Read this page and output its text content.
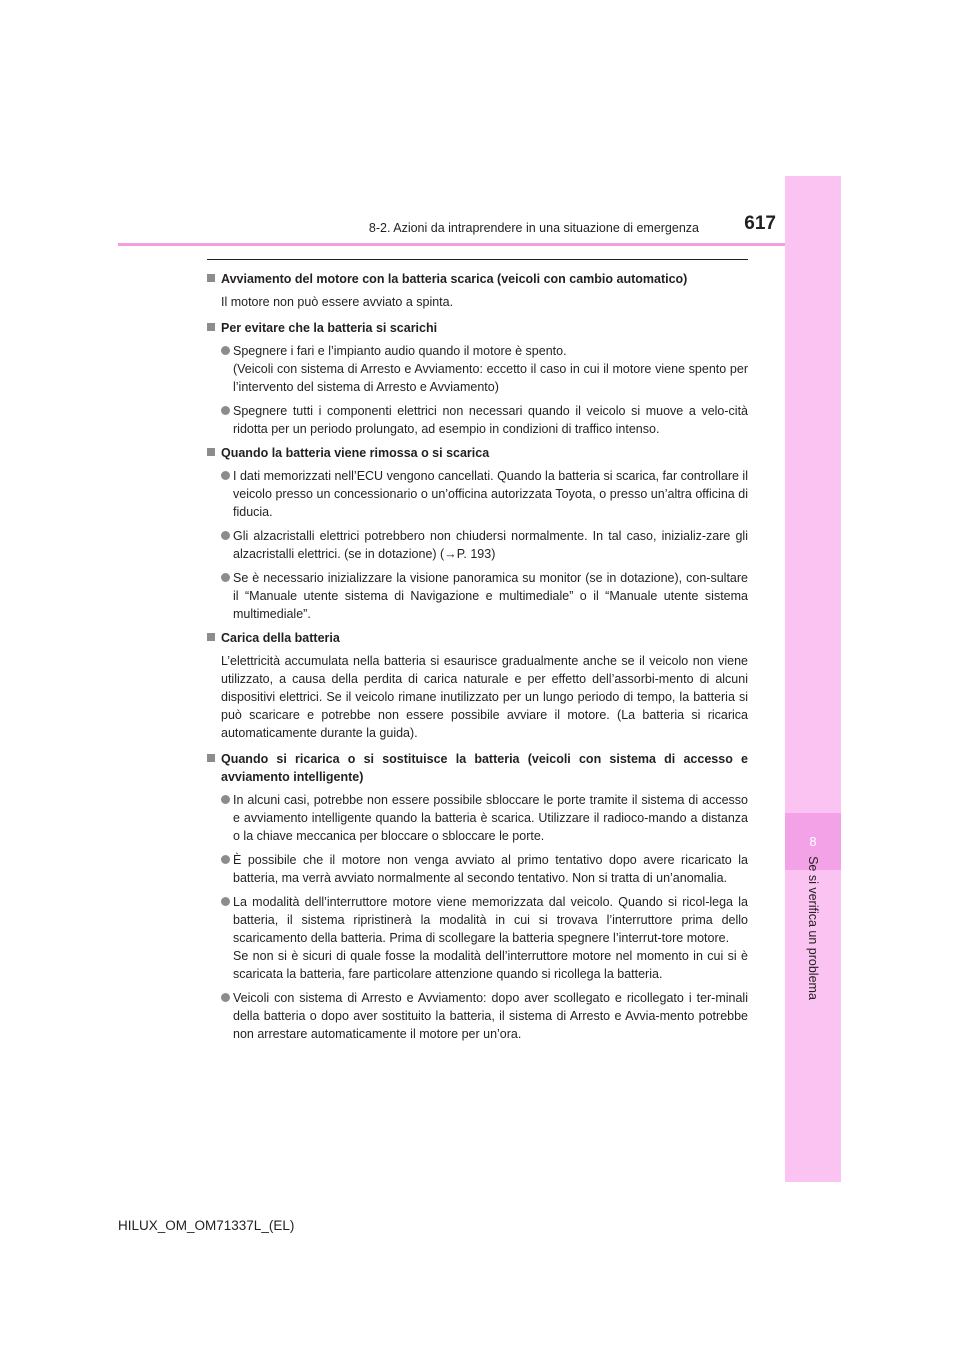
8
Se si verifica un problema
8-2. Azioni da intraprendere in una situazione di emergenza 617
Avviamento del motore con la batteria scarica (veicoli con cambio automatico)
Il motore non può essere avviato a spinta.
Per evitare che la batteria si scarichi
Spegnere i fari e l’impianto audio quando il motore è spento.
(Veicoli con sistema di Arresto e Avviamento: eccetto il caso in cui il motore viene spento per l’intervento del sistema di Arresto e Avviamento)
Spegnere tutti i componenti elettrici non necessari quando il veicolo si muove a velo-cità ridotta per un periodo prolungato, ad esempio in condizioni di traffico intenso.
Quando la batteria viene rimossa o si scarica
I dati memorizzati nell’ECU vengono cancellati. Quando la batteria si scarica, far controllare il veicolo presso un concessionario o un’officina autorizzata Toyota, o presso un’altra officina di fiducia.
Gli alzacristalli elettrici potrebbero non chiudersi normalmente. In tal caso, inizializ-zare gli alzacristalli elettrici. (se in dotazione) (→P. 193)
Se è necessario inizializzare la visione panoramica su monitor (se in dotazione), con-sultare il “Manuale utente sistema di Navigazione e multimediale” o il “Manuale utente sistema multimediale”.
Carica della batteria
L’elettricità accumulata nella batteria si esaurisce gradualmente anche se il veicolo non viene utilizzato, a causa della perdita di carica naturale e per effetto dell’assorbi-mento di alcuni dispositivi elettrici. Se il veicolo rimane inutilizzato per un lungo periodo di tempo, la batteria si può scaricare e potrebbe non essere possibile avviare il motore. (La batteria si ricarica automaticamente durante la guida).
Quando si ricarica o si sostituisce la batteria (veicoli con sistema di accesso e avviamento intelligente)
In alcuni casi, potrebbe non essere possibile sbloccare le porte tramite il sistema di accesso e avviamento intelligente quando la batteria è scarica. Utilizzare il radioco-mando a distanza o la chiave meccanica per bloccare o sbloccare le porte.
È possibile che il motore non venga avviato al primo tentativo dopo avere ricaricato la batteria, ma verrà avviato normalmente al secondo tentativo. Non si tratta di un’anomalia.
La modalità dell’interruttore motore viene memorizzata dal veicolo. Quando si ricol-lega la batteria, il sistema ripristinerà la modalità in cui si trovava l’interruttore prima dello scaricamento della batteria. Prima di scollegare la batteria spegnere l’interrut-tore motore.
Se non si è sicuri di quale fosse la modalità dell’interruttore motore nel momento in cui si è scaricata la batteria, fare particolare attenzione quando si ricollega la batteria.
Veicoli con sistema di Arresto e Avviamento: dopo aver scollegato e ricollegato i ter-minali della batteria o dopo aver sostituito la batteria, il sistema di Arresto e Avvia-mento potrebbe non arrestare automaticamente il motore per un’ora.
HILUX_OM_OM71337L_(EL)
